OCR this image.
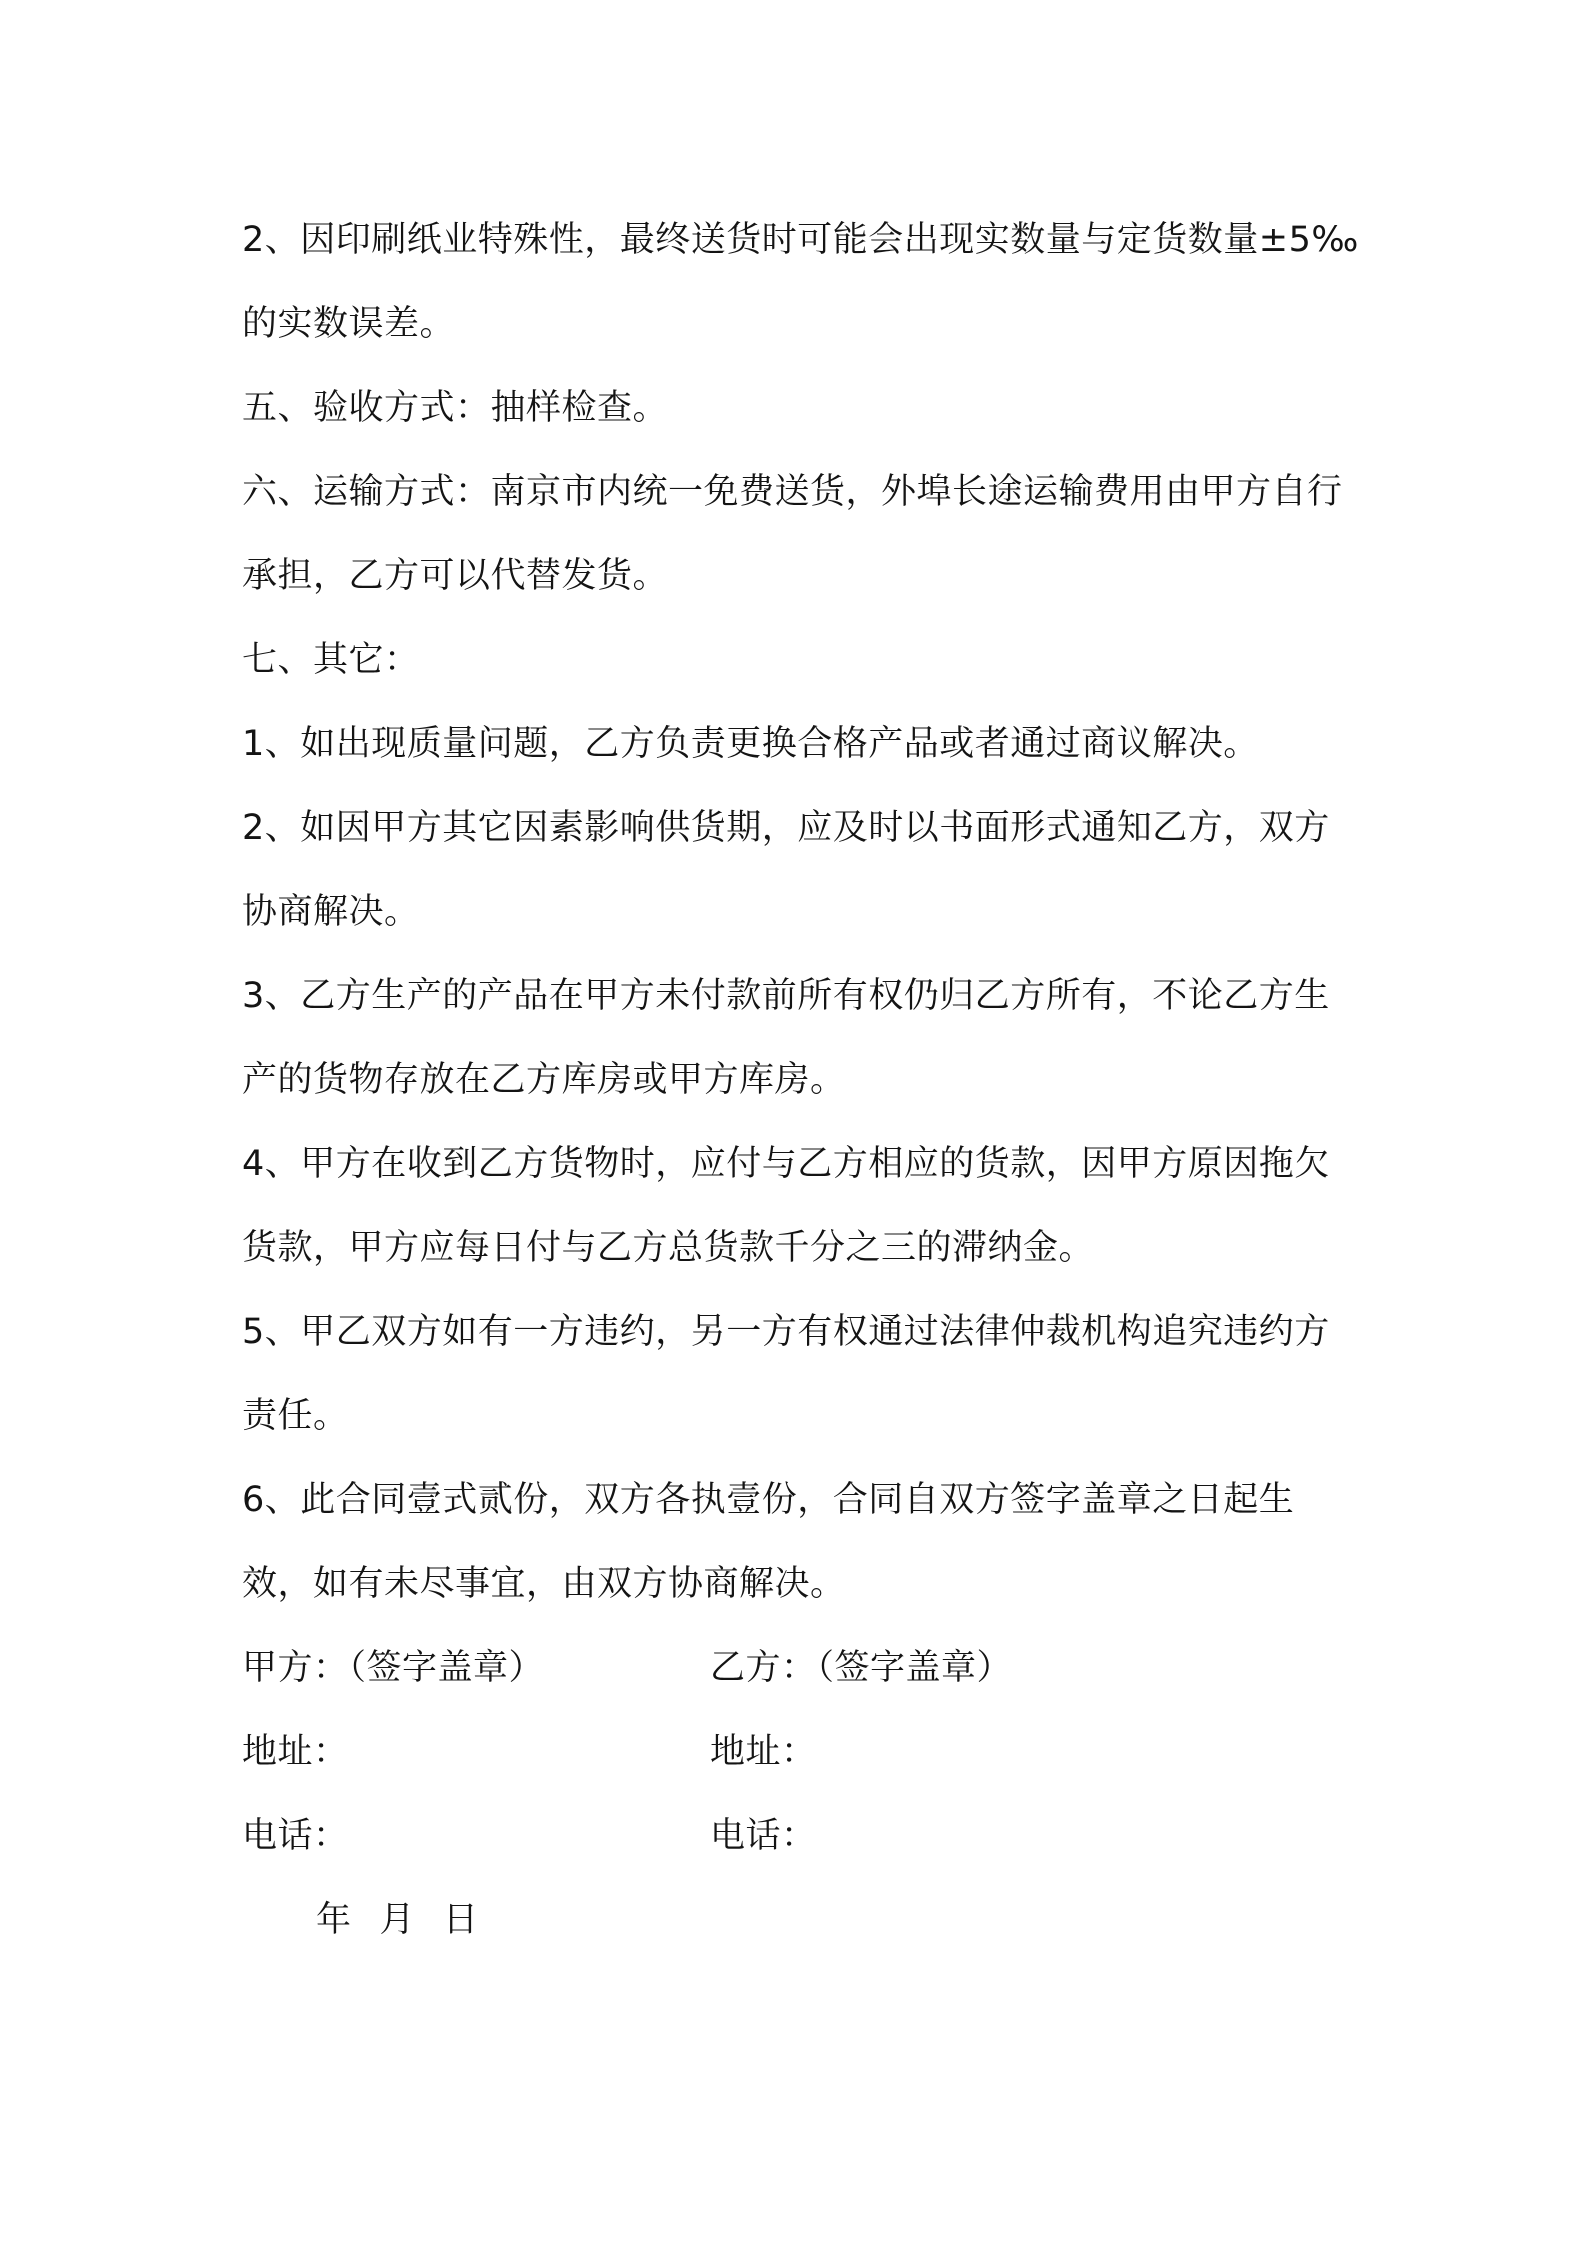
2、因印刷纸业特殊性，最终送货时可能会出现实数量与定货数量±5‰的实数误差。

五、验收方式：抽样检查。

六、运输方式：南京市内统一免费送货，外埠长途运输费用由甲方自行承担，乙方可以代替发货。

七、其它：

1、如出现质量问题，乙方负责更换合格产品或者通过商议解决。

2、如因甲方其它因素影响供货期，应及时以书面形式通知乙方，双方协商解决。

3、乙方生产的产品在甲方未付款前所有权仍归乙方所有，不论乙方生产的货物存放在乙方库房或甲方库房。

4、甲方在收到乙方货物时，应付与乙方相应的货款，因甲方原因拖欠货款，甲方应每日付与乙方总货款千分之三的滞纳金。

5、甲乙双方如有一方违约，另一方有权通过法律仲裁机构追究违约方责任。

6、此合同壹式贰份，双方各执壹份，合同自双方签字盖章之日起生效，如有未尽事宜，由双方协商解决。

甲方：（签字盖章）	乙方：（签字盖章）
地址：	地址：
电话：	电话：
年 月 日
